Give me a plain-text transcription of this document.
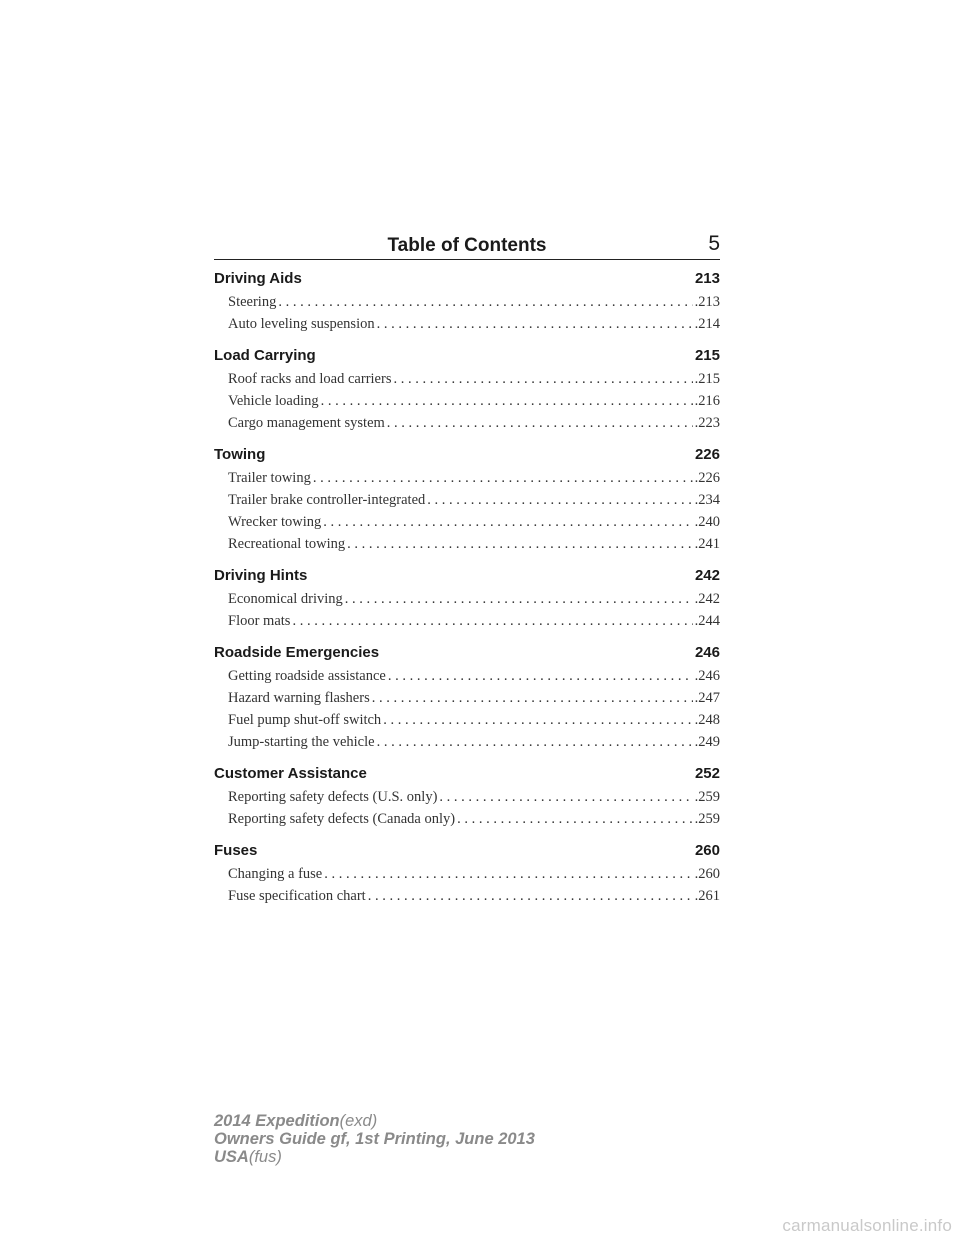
Table of Contents	5
Driving Aids	213
Steering . . .	.213
Auto leveling suspension . . .	.214
Load Carrying	215
Roof racks and load carriers . . .	.215
Vehicle loading . . .	.216
Cargo management system . . .	.223
Towing	226
Trailer towing . . .	.226
Trailer brake controller-integrated . . .	.234
Wrecker towing . . .	.240
Recreational towing . . .	.241
Driving Hints	242
Economical driving . . .	.242
Floor mats . . .	.244
Roadside Emergencies	246
Getting roadside assistance . . .	.246
Hazard warning flashers . . .	.247
Fuel pump shut-off switch . . .	.248
Jump-starting the vehicle . . .	.249
Customer Assistance	252
Reporting safety defects (U.S. only) . . .	.259
Reporting safety defects (Canada only) . . .	.259
Fuses	260
Changing a fuse . . .	.260
Fuse specification chart . . .	.261
2014 Expedition(exd)
Owners Guide gf, 1st Printing, June 2013
USA(fus)
carmanualsonline.info
